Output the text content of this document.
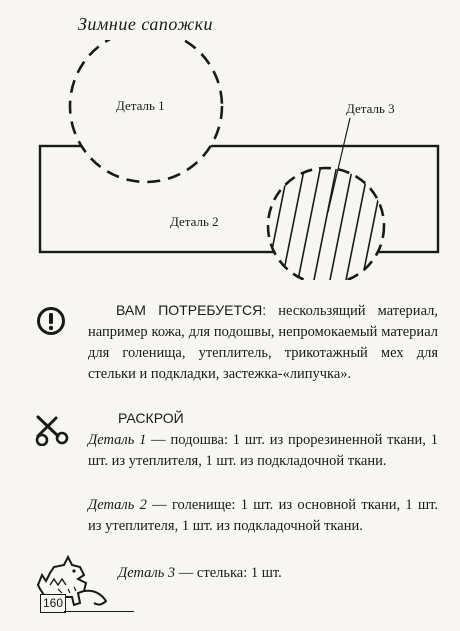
Зимние сапожки
Деталь 1
Деталь 2
Деталь 3
ВАМ ПОТРЕБУЕТСЯ: нескользящий материал, например кожа, для подошвы, непромокаемый материал для голенища, утеплитель, трикотажный мех для стельки и подкладки, застежка-«липучка».
РАСКРОЙ
Деталь 1 — подошва: 1 шт. из прорезиненной ткани, 1 шт. из утеплителя, 1 шт. из подкладочной ткани.
Деталь 2 — голенище: 1 шт. из основной ткани, 1 шт. из утеплителя, 1 шт. из подкладочной ткани.
Деталь 3 — стелька: 1 шт.
160
